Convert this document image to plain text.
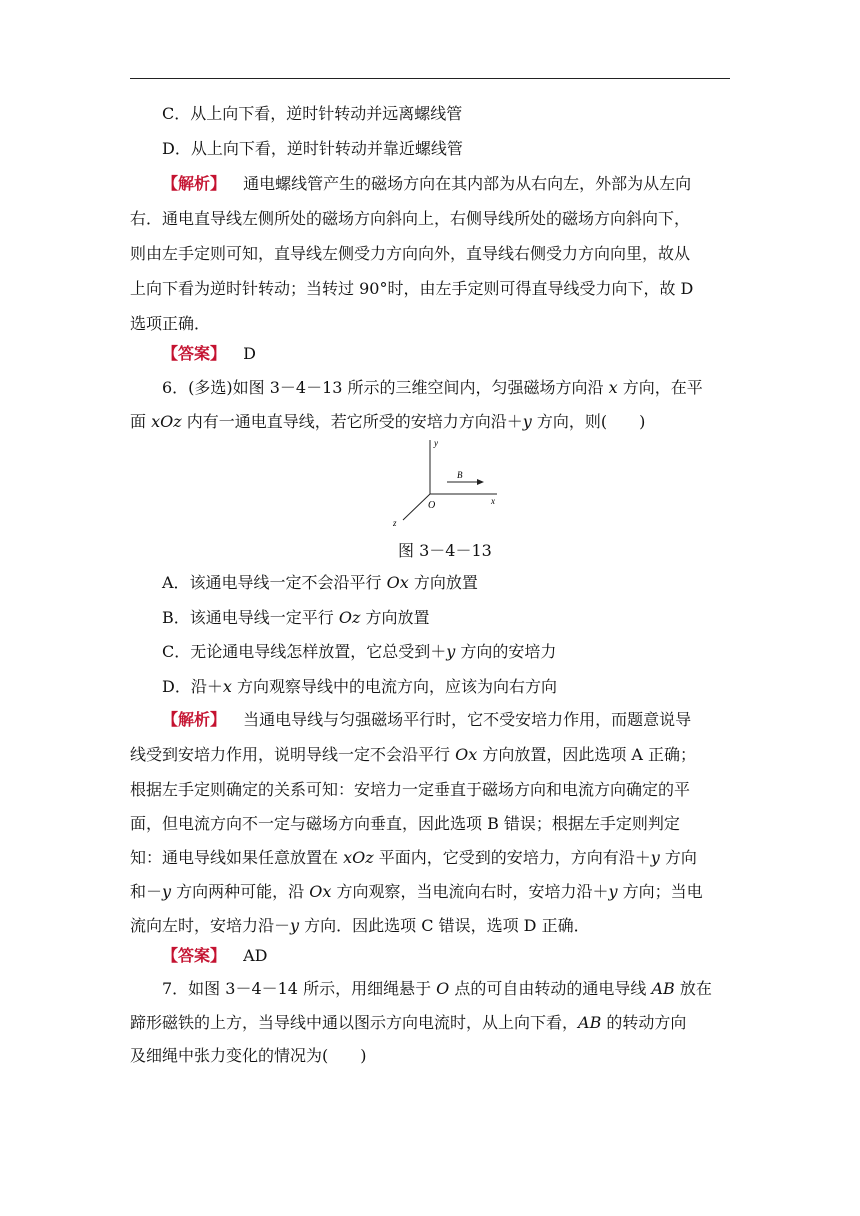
C．从上向下看，逆时针转动并远离螺线管
D．从上向下看，逆时针转动并靠近螺线管
【解析】 通电螺线管产生的磁场方向在其内部为从右向左，外部为从左向
右．通电直导线左侧所处的磁场方向斜向上，右侧导线所处的磁场方向斜向下，
则由左手定则可知，直导线左侧受力方向向外，直导线右侧受力方向向里，故从
上向下看为逆时针转动；当转过 90°时，由左手定则可得直导线受力向下，故 D
选项正确．
【答案】 D
6．(多选)如图 3－4－13 所示的三维空间内，匀强磁场方向沿 x 方向，在平
面 xOz 内有一通电直导线，若它所受的安培力方向沿＋y 方向，则(　　)
y
x
z
O
B
图 3－4－13
A．该通电导线一定不会沿平行 Ox 方向放置
B．该通电导线一定平行 Oz 方向放置
C．无论通电导线怎样放置，它总受到＋y 方向的安培力
D．沿＋x 方向观察导线中的电流方向，应该为向右方向
【解析】 当通电导线与匀强磁场平行时，它不受安培力作用，而题意说导
线受到安培力作用，说明导线一定不会沿平行 Ox 方向放置，因此选项 A 正确；
根据左手定则确定的关系可知：安培力一定垂直于磁场方向和电流方向确定的平
面，但电流方向不一定与磁场方向垂直，因此选项 B 错误；根据左手定则判定
知：通电导线如果任意放置在 xOz 平面内，它受到的安培力，方向有沿＋y 方向
和－y 方向两种可能，沿 Ox 方向观察，当电流向右时，安培力沿＋y 方向；当电
流向左时，安培力沿－y 方向．因此选项 C 错误，选项 D 正确．
【答案】 AD
7．如图 3－4－14 所示，用细绳悬于 O 点的可自由转动的通电导线 AB 放在
蹄形磁铁的上方，当导线中通以图示方向电流时，从上向下看，AB 的转动方向
及细绳中张力变化的情况为(　　)
